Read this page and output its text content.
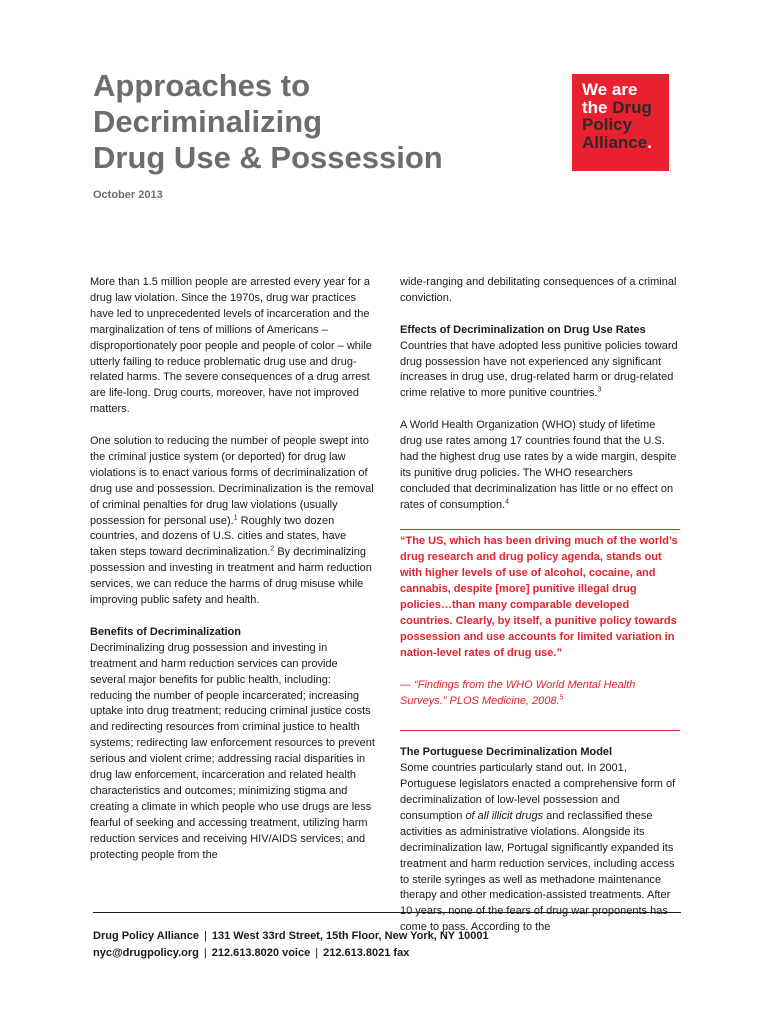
Approaches to
Decriminalizing
Drug Use & Possession
October 2013
We are
the Drug
Policy
Alliance.

More than 1.5 million people are arrested every year for a drug law violation. Since the 1970s, drug war practices have led to unprecedented levels of incarceration and the marginalization of tens of millions of Americans – disproportionately poor people and people of color – while utterly failing to reduce problematic drug use and drug-related harms. The severe consequences of a drug arrest are life-long. Drug courts, moreover, have not improved matters.

One solution to reducing the number of people swept into the criminal justice system (or deported) for drug law violations is to enact various forms of decriminalization of drug use and possession. Decriminalization is the removal of criminal penalties for drug law violations (usually possession for personal use).$^1$ Roughly two dozen countries, and dozens of U.S. cities and states, have taken steps toward decriminalization.$^2$ By decriminalizing possession and investing in treatment and harm reduction services, we can reduce the harms of drug misuse while improving public safety and health.

Benefits of Decriminalization

Decriminalizing drug possession and investing in treatment and harm reduction services can provide several major benefits for public health, including: reducing the number of people incarcerated; increasing uptake into drug treatment; reducing criminal justice costs and redirecting resources from criminal justice to health systems; redirecting law enforcement resources to prevent serious and violent crime; addressing racial disparities in drug law enforcement, incarceration and related health characteristics and outcomes; minimizing stigma and creating a climate in which people who use drugs are less fearful of seeking and accessing treatment, utilizing harm reduction services and receiving HIV/AIDS services; and protecting people from the

wide-ranging and debilitating consequences of a criminal conviction.

Effects of Decriminalization on Drug Use Rates

Countries that have adopted less punitive policies toward drug possession have not experienced any significant increases in drug use, drug-related harm or drug-related crime relative to more punitive countries.$^3$

A World Health Organization (WHO) study of lifetime drug use rates among 17 countries found that the U.S. had the highest drug use rates by a wide margin, despite its punitive drug policies. The WHO researchers concluded that decriminalization has little or no effect on rates of consumption.$^4$

“The US, which has been driving much of the world’s drug research and drug policy agenda, stands out with higher levels of use of alcohol, cocaine, and cannabis, despite [more] punitive illegal drug policies…than many comparable developed countries. Clearly, by itself, a punitive policy towards possession and use accounts for limited variation in nation-level rates of drug use.”

— “Findings from the WHO World Mental Health Surveys.” PLOS Medicine, 2008.$^5$

The Portuguese Decriminalization Model

Some countries particularly stand out. In 2001, Portuguese legislators enacted a comprehensive form of decriminalization of low-level possession and consumption of all illicit drugs and reclassified these activities as administrative violations. Alongside its decriminalization law, Portugal significantly expanded its treatment and harm reduction services, including access to sterile syringes as well as methadone maintenance therapy and other medication-assisted treatments. After come to pass. According to the

Drug Policy Alliance | 131 West 33rd Street, 15th Floor, New York, NY 10001
nyc@drugpolicy.org | 212.613.8020 voice | 212.613.8021 fax
